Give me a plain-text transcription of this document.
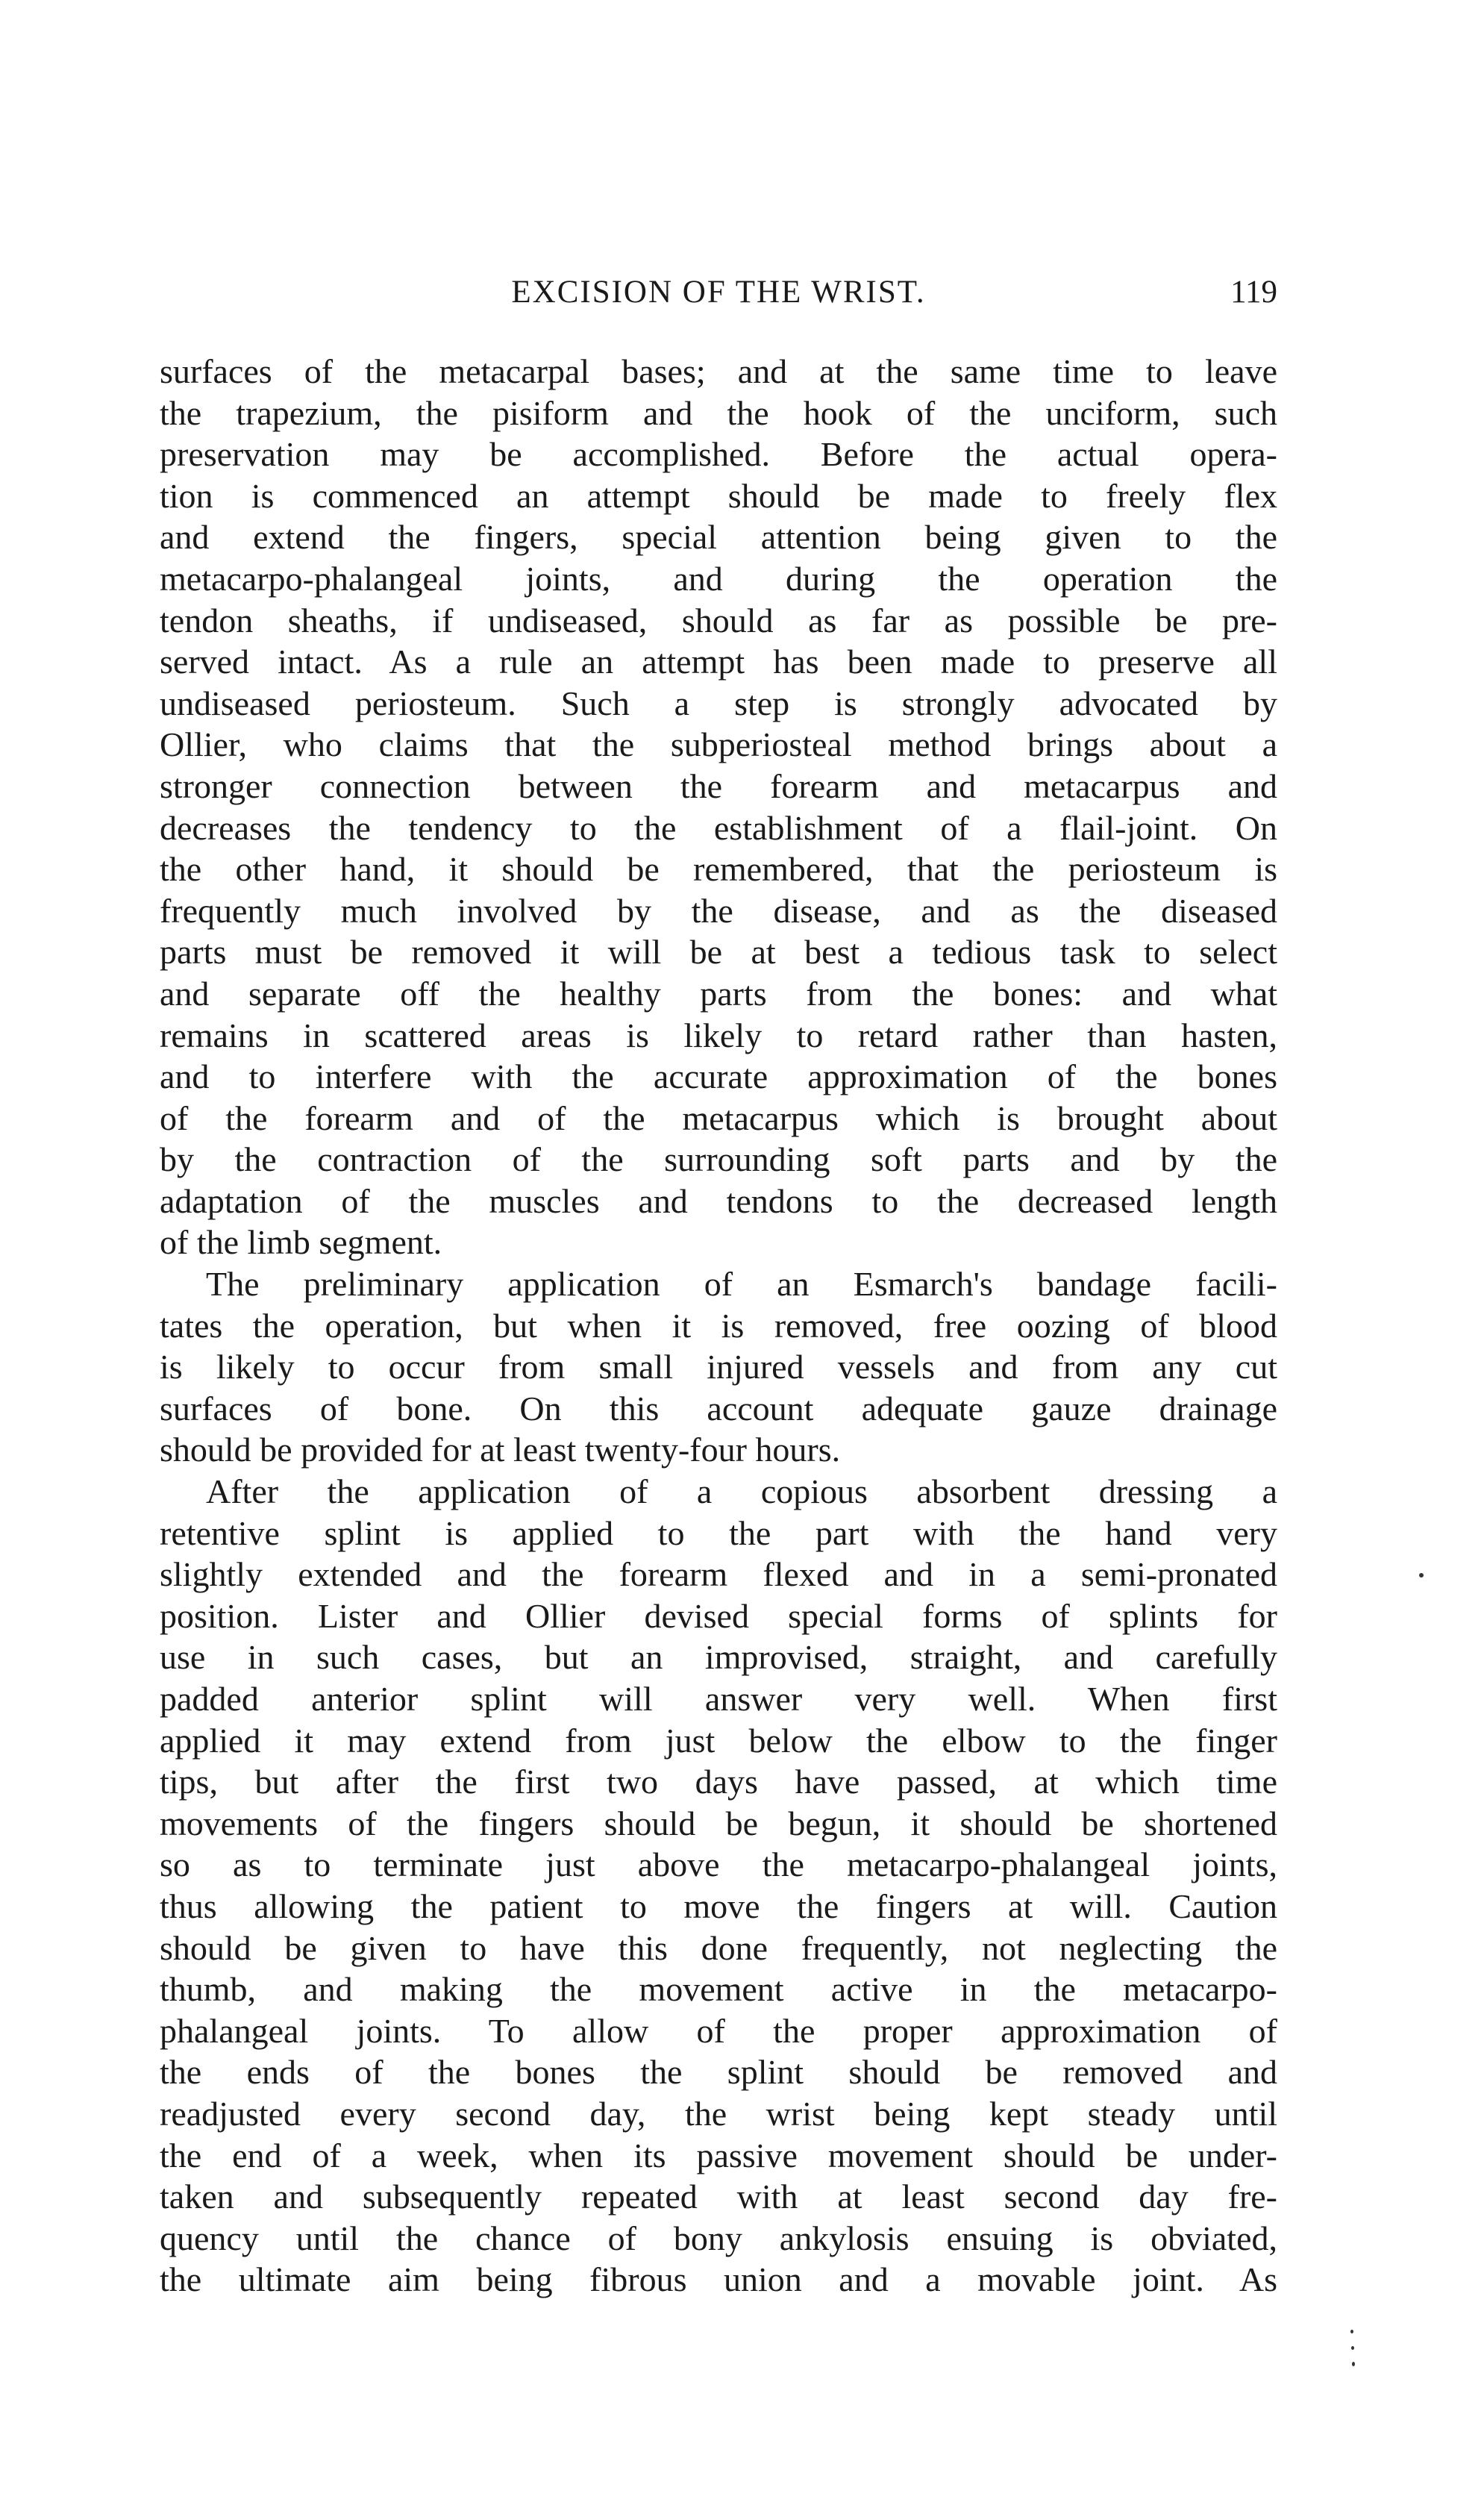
EXCISION OF THE WRIST.	119
surfaces of the metacarpal bases; and at the same time to leave
the trapezium, the pisiform and the hook of the unciform, such
preservation may be accomplished. Before the actual opera-
tion is commenced an attempt should be made to freely flex
and extend the fingers, special attention being given to the
metacarpo-phalangeal joints, and during the operation the
tendon sheaths, if undiseased, should as far as possible be pre-
served intact. As a rule an attempt has been made to preserve all
undiseased periosteum. Such a step is strongly advocated by
Ollier, who claims that the subperiosteal method brings about a
stronger connection between the forearm and metacarpus and
decreases the tendency to the establishment of a flail-joint. On
the other hand, it should be remembered, that the periosteum is
frequently much involved by the disease, and as the diseased
parts must be removed it will be at best a tedious task to select
and separate off the healthy parts from the bones: and what
remains in scattered areas is likely to retard rather than hasten,
and to interfere with the accurate approximation of the bones
of the forearm and of the metacarpus which is brought about
by the contraction of the surrounding soft parts and by the
adaptation of the muscles and tendons to the decreased length
of the limb segment.
The preliminary application of an Esmarch's bandage facili-
tates the operation, but when it is removed, free oozing of blood
is likely to occur from small injured vessels and from any cut
surfaces of bone. On this account adequate gauze drainage
should be provided for at least twenty-four hours.
After the application of a copious absorbent dressing a
retentive splint is applied to the part with the hand very
slightly extended and the forearm flexed and in a semi-pronated
position. Lister and Ollier devised special forms of splints for
use in such cases, but an improvised, straight, and carefully
padded anterior splint will answer very well. When first
applied it may extend from just below the elbow to the finger
tips, but after the first two days have passed, at which time
movements of the fingers should be begun, it should be shortened
so as to terminate just above the metacarpo-phalangeal joints,
thus allowing the patient to move the fingers at will. Caution
should be given to have this done frequently, not neglecting the
thumb, and making the movement active in the metacarpo-
phalangeal joints. To allow of the proper approximation of
the ends of the bones the splint should be removed and
readjusted every second day, the wrist being kept steady until
the end of a week, when its passive movement should be under-
taken and subsequently repeated with at least second day fre-
quency until the chance of bony ankylosis ensuing is obviated,
the ultimate aim being fibrous union and a movable joint. As
